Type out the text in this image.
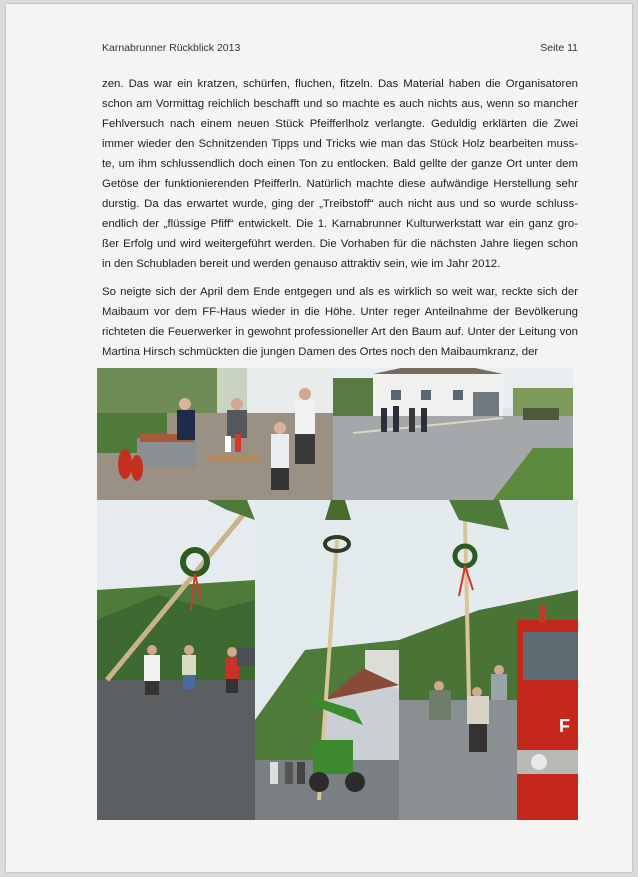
Karnabrunner Rückblick 2013	Seite 11

zen. Das war ein kratzen, schürfen, fluchen, fitzeln. Das Material haben die Organisatoren schon am Vormittag reichlich beschafft und so machte es auch nichts aus, wenn so mancher Fehlversuch nach einem neuen Stück Pfeifferlholz verlangte. Geduldig erklärten die Zwei immer wieder den Schnitzenden Tipps und Tricks wie man das Stück Holz bearbeiten muss-te, um ihm schlussendlich doch einen Ton zu entlocken. Bald gellte der ganze Ort unter dem Getöse der funktionierenden Pfeifferln. Natürlich machte diese aufwändige Herstellung sehr durstig. Da das erwartet wurde, ging der „Treibstoff“ auch nicht aus und so wurde schluss-endlich der „flüssige Pfiff“ entwickelt. Die 1. Karnabrunner Kulturwerkstatt war ein ganz gro-ßer Erfolg und wird weitergeführt werden. Die Vorhaben für die nächsten Jahre liegen schon in den Schubladen bereit und werden genauso attraktiv sein, wie im Jahr 2012.

So neigte sich der April dem Ende entgegen und als es wirklich so weit war, reckte sich der Maibaum vor dem FF-Haus wieder in die Höhe. Unter reger Anteilnahme der Bevölkerung richteten die Feuerwerker in gewohnt professioneller Art den Baum auf. Unter der Leitung von Martina Hirsch schmückten die jungen Damen des Ortes noch den Maibaumkranz, der

F
